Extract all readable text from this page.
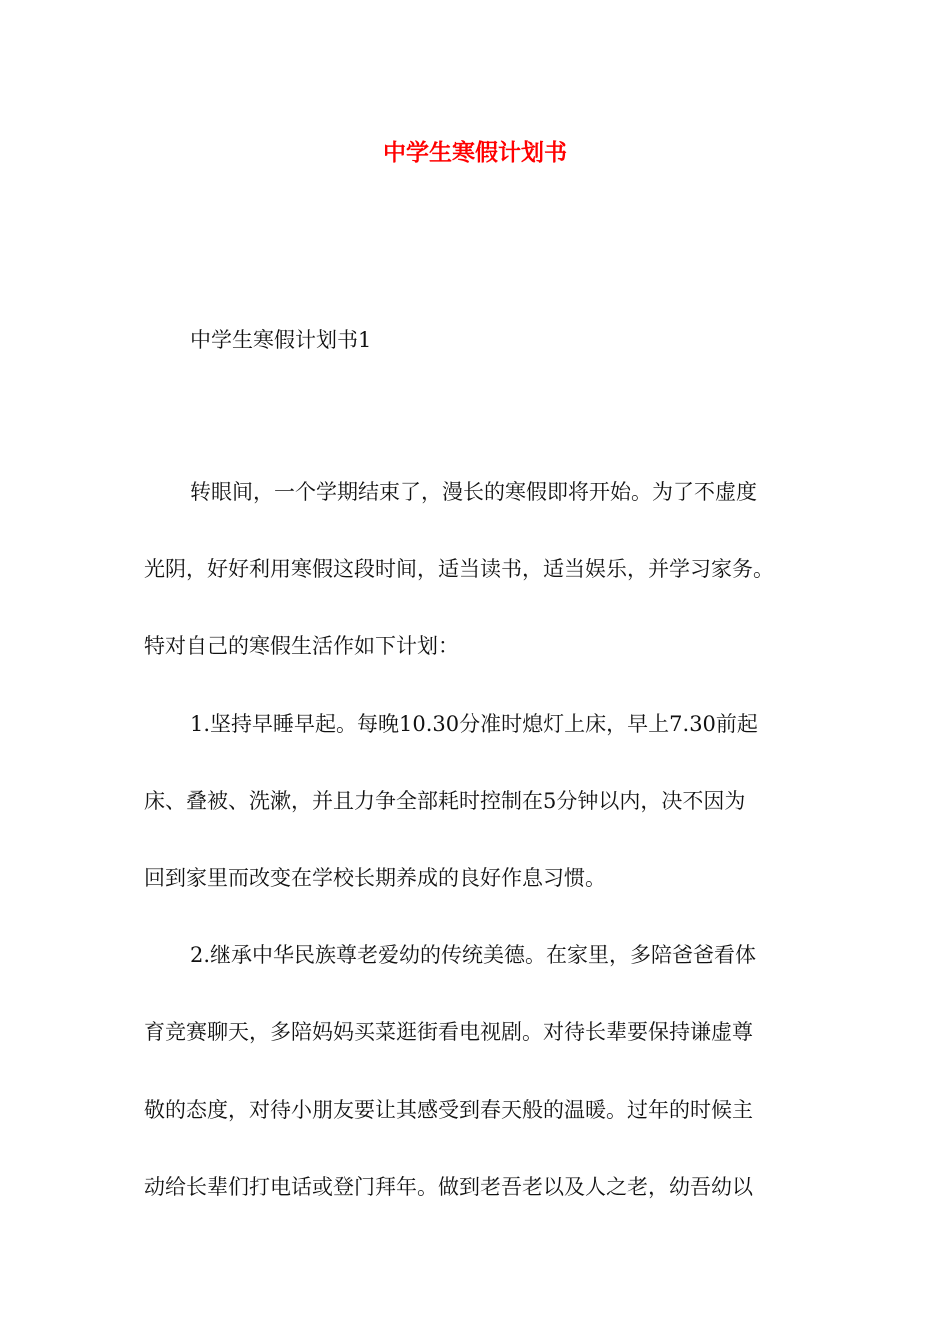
中学生寒假计划书

中学生寒假计划书1

转眼间，一个学期结束了，漫长的寒假即将开始。为了不虚度
光阴，好好利用寒假这段时间，适当读书，适当娱乐，并学习家务。
特对自己的寒假生活作如下计划：
1.坚持早睡早起。每晚10.30分准时熄灯上床，早上7.30前起
床、叠被、洗漱，并且力争全部耗时控制在5分钟以内，决不因为
回到家里而改变在学校长期养成的良好作息习惯。
2.继承中华民族尊老爱幼的传统美德。在家里，多陪爸爸看体
育竞赛聊天，多陪妈妈买菜逛街看电视剧。对待长辈要保持谦虚尊
敬的态度，对待小朋友要让其感受到春天般的温暖。过年的时候主
动给长辈们打电话或登门拜年。做到老吾老以及人之老，幼吾幼以
